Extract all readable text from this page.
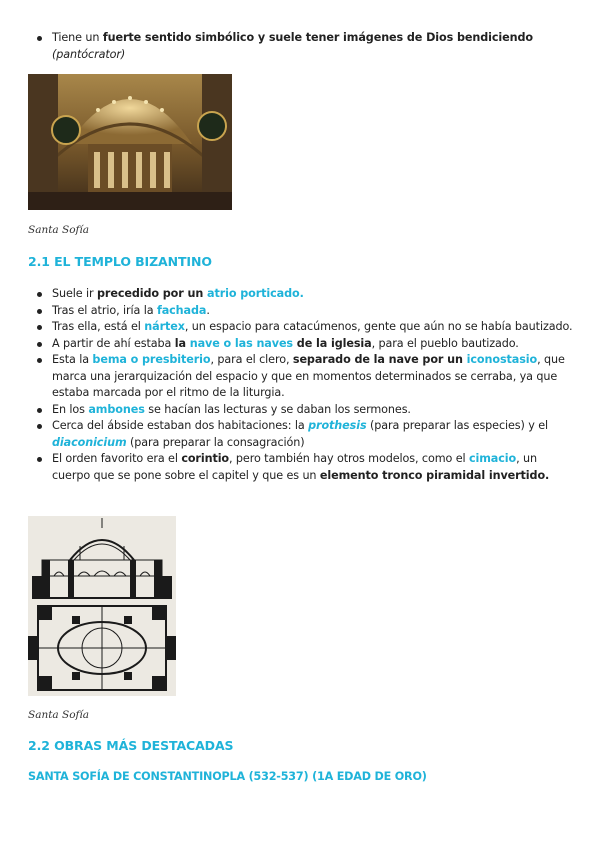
Tiene un fuerte sentido simbólico y suele tener imágenes de Dios bendiciendo
(pantócrator)
Santa Sofía
2.1 EL TEMPLO BIZANTINO
Suele ir precedido por un atrio porticado.
Tras el atrio, iría la fachada.
Tras ella, está el nártex, un espacio para catacúmenos, gente que aún no se había bautizado.
A partir de ahí estaba la nave o las naves de la iglesia, para el pueblo bautizado.
Esta la bema o presbiterio, para el clero, separado de la nave por un iconostasio, que marca una jerarquización del espacio y que en momentos determinados se cerraba, ya que estaba marcada por el ritmo de la liturgia.
En los ambones se hacían las lecturas y se daban los sermones.
Cerca del ábside estaban dos habitaciones: la prothesis (para preparar las especies) y el diaconicium (para preparar la consagración)
El orden favorito era el corintio, pero también hay otros modelos, como el cimacio, un cuerpo que se pone sobre el capitel y que es un elemento tronco piramidal invertido.
Santa Sofía
2.2 OBRAS MÁS DESTACADAS
SANTA SOFÍA DE CONSTANTINOPLA (532-537) (1A EDAD DE ORO)
